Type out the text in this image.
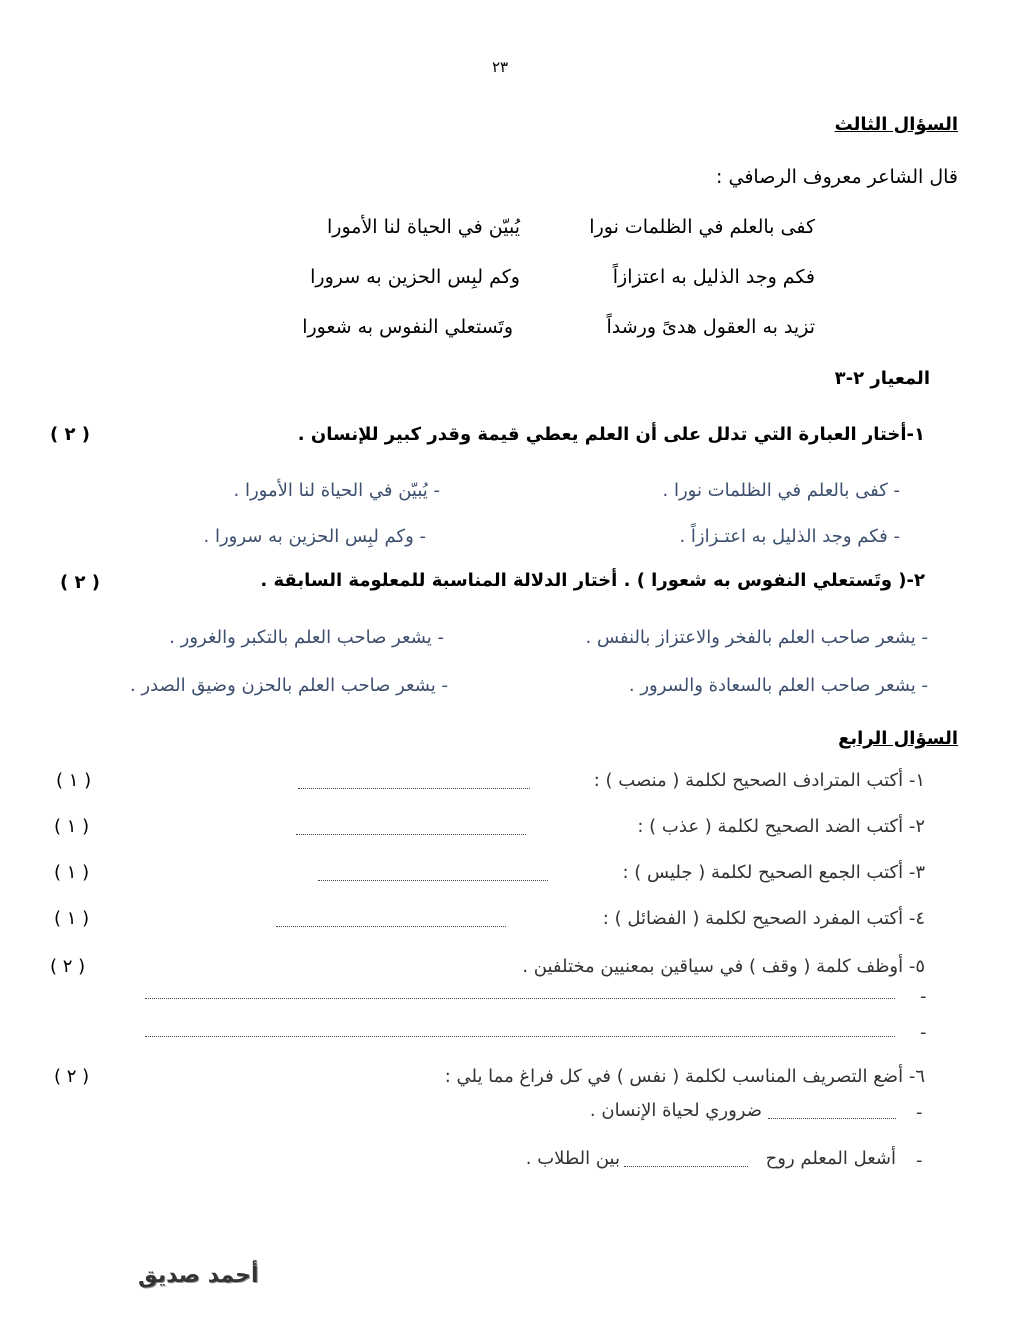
٢٣
السؤال الثالث
قال الشاعر معروف الرصافي :
كفى بالعلم في الظلمات نورا
يُبيّن في الحياة لنا الأمورا
فكم وجد الذليل به اعتزازاً
وكم لبِس الحزين به سرورا
تزيد به العقول هدىً ورشداً
وتَستعلي النفوس به شعورا
المعيار ٢-٣
١-أختار العبارة التي تدلل على أن العلم يعطي قيمة وقدر كبير للإنسان .
( ٢ )
- كفى بالعلم في الظلمات نورا .
- يُبيّن في الحياة لنا الأمورا .
- فكم وجد الذليل به اعتـزازاً .
- وكم لبِس الحزين به سرورا .
٢-( وتَستعلي النفوس به شعورا ) . أختار الدلالة المناسبة للمعلومة السابقة .
( ٢ )
- يشعر صاحب العلم بالفخر والاعتزاز بالنفس .
- يشعر صاحب العلم بالتكبر والغرور .
- يشعر صاحب العلم بالسعادة والسرور .
- يشعر صاحب العلم بالحزن وضيق الصدر .
السؤال الرابع
١- أكتب المترادف الصحيح لكلمة ( منصب ) :
( ١ )
٢- أكتب الضد الصحيح لكلمة ( عذب ) :
( ١ )
٣- أكتب الجمع الصحيح لكلمة ( جليس ) :
( ١ )
٤- أكتب المفرد الصحيح لكلمة ( الفضائل ) :
( ١ )
٥- أوظف كلمة ( وقف ) في سياقين بمعنيين مختلفين .
( ٢ )
-
-
٦- أضع التصريف المناسب لكلمة ( نفس ) في كل فراغ مما يلي :
( ٢ )
-
ضروري لحياة الإنسان .
-
أشعل المعلم روح
بين الطلاب .
أحمد صديق
